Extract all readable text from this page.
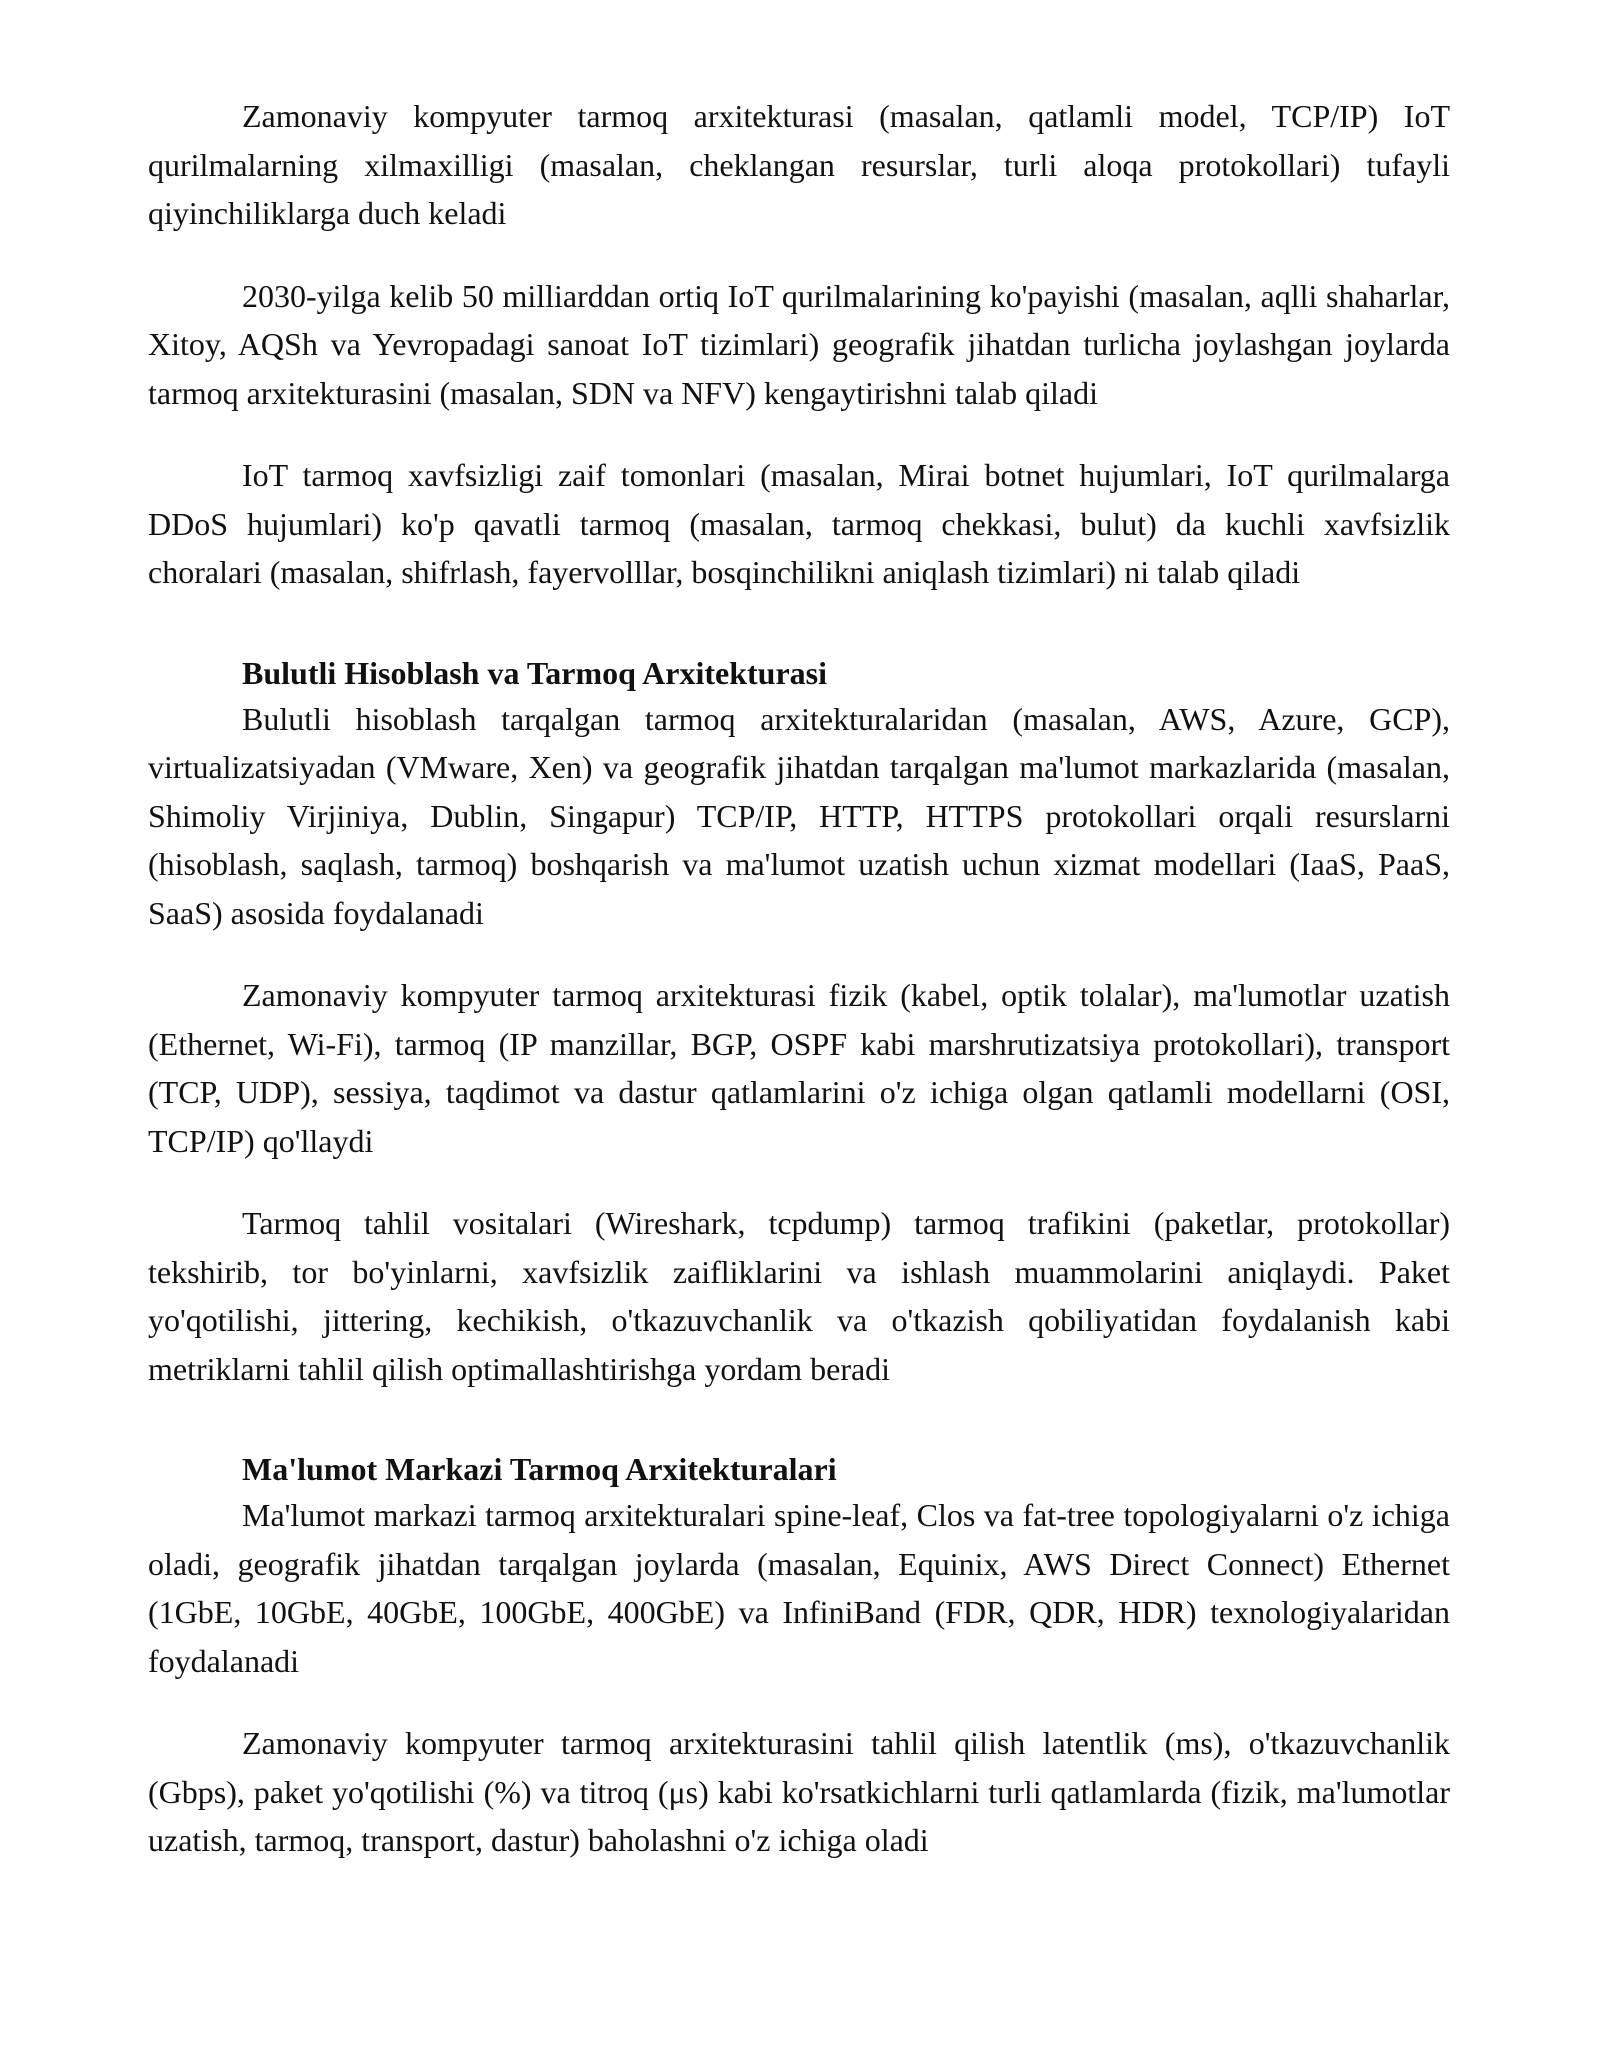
Zamonaviy kompyuter tarmoq arxitekturasi (masalan, qatlamli model, TCP/IP) IoT qurilmalarning xilmaxilligi (masalan, cheklangan resurslar, turli aloqa protokollari) tufayli qiyinchiliklarga duch keladi

2030-yilga kelib 50 milliarddan ortiq IoT qurilmalarining ko'payishi (masalan, aqlli shaharlar, Xitoy, AQSh va Yevropadagi sanoat IoT tizimlari) geografik jihatdan turlicha joylashgan joylarda tarmoq arxitekturasini (masalan, SDN va NFV) kengaytirishni talab qiladi

IoT tarmoq xavfsizligi zaif tomonlari (masalan, Mirai botnet hujumlari, IoT qurilmalarga DDoS hujumlari) ko'p qavatli tarmoq (masalan, tarmoq chekkasi, bulut) da kuchli xavfsizlik choralari (masalan, shifrlash, fayervolllar, bosqinchilikni aniqlash tizimlari) ni talab qiladi

Bulutli Hisoblash va Tarmoq Arxitekturasi

Bulutli hisoblash tarqalgan tarmoq arxitekturalaridan (masalan, AWS, Azure, GCP), virtualizatsiyadan (VMware, Xen) va geografik jihatdan tarqalgan ma'lumot markazlarida (masalan, Shimoliy Virjiniya, Dublin, Singapur) TCP/IP, HTTP, HTTPS protokollari orqali resurslarni (hisoblash, saqlash, tarmoq) boshqarish va ma'lumot uzatish uchun xizmat modellari (IaaS, PaaS, SaaS) asosida foydalanadi

Zamonaviy kompyuter tarmoq arxitekturasi fizik (kabel, optik tolalar), ma'lumotlar uzatish (Ethernet, Wi-Fi), tarmoq (IP manzillar, BGP, OSPF kabi marshrutizatsiya protokollari), transport (TCP, UDP), sessiya, taqdimot va dastur qatlamlarini o'z ichiga olgan qatlamli modellarni (OSI, TCP/IP) qo'llaydi

Tarmoq tahlil vositalari (Wireshark, tcpdump) tarmoq trafikini (paketlar, protokollar) tekshirib, tor bo'yinlarni, xavfsizlik zaifliklarini va ishlash muammolarini aniqlaydi. Paket yo'qotilishi, jittering, kechikish, o'tkazuvchanlik va o'tkazish qobiliyatidan foydalanish kabi metriklarni tahlil qilish optimallashtirishga yordam beradi

Ma'lumot Markazi Tarmoq Arxitekturalari

Ma'lumot markazi tarmoq arxitekturalari spine-leaf, Clos va fat-tree topologiyalarni o'z ichiga oladi, geografik jihatdan tarqalgan joylarda (masalan, Equinix, AWS Direct Connect) Ethernet (1GbE, 10GbE, 40GbE, 100GbE, 400GbE) va InfiniBand (FDR, QDR, HDR) texnologiyalaridan foydalanadi

Zamonaviy kompyuter tarmoq arxitekturasini tahlil qilish latentlik (ms), o'tkazuvchanlik (Gbps), paket yo'qotilishi (%) va titroq (μs) kabi ko'rsatkichlarni turli qatlamlarda (fizik, ma'lumotlar uzatish, tarmoq, transport, dastur) baholashni o'z ichiga oladi
